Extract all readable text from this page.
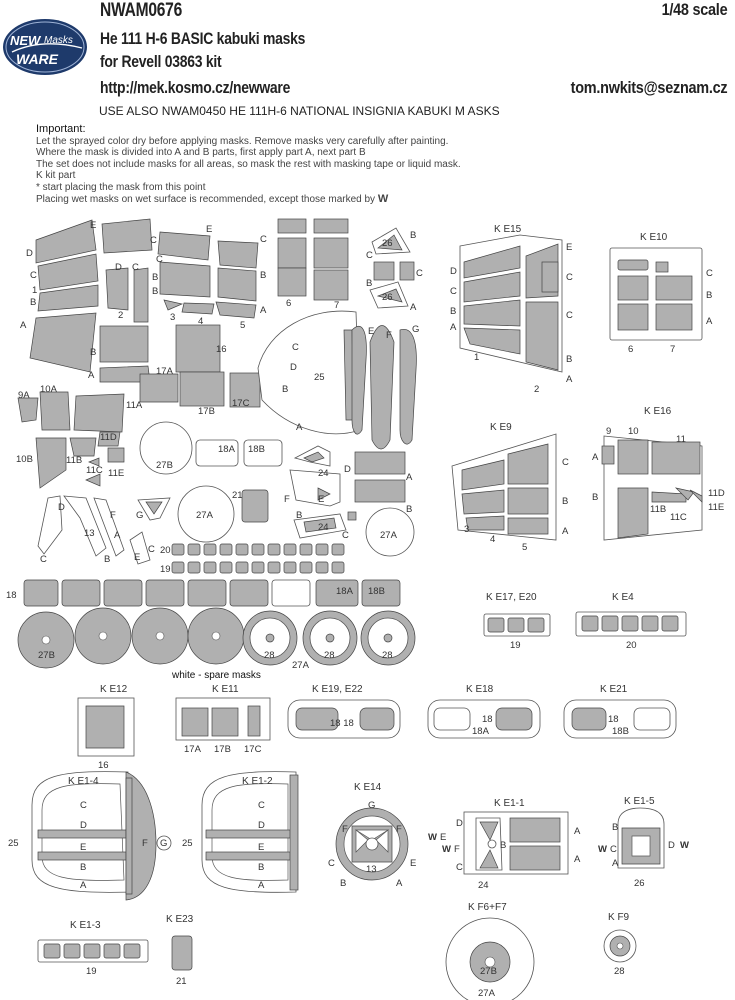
NEW Masks
WARE
NWAM0676	1/48 scale
He 111 H-6 BASIC kabuki masks
for Revell 03863 kit
http://mek.kosmo.cz/newware	tom.nwkits@seznam.cz
USE ALSO NWAM0450 HE 111H-6 NATIONAL INSIGNIA KABUKI M ASKS
Important:
Let the sprayed color dry before applying masks. Remove masks very carefully after painting.
Where the mask is divided into A and B parts, first apply part A, next part B
The set does not include masks for all areas, so mask the rest with masking tape or liquid mask.
K kit part
* start placing the mask from this point
Placing wet masks on wet surface is recommended, except those marked by W
K E15
K E10
K E9
K E16
K E17, E20	K E4
K E12	K E11	K E19, E22	K E18	K E21
K E1-4	K E1-2
K E14
K E1-1	K E1-5
K E1-3
K E23
K F6+F7
K F9
white - spare masks
E
D
C
1
B
A
C
D C
B
2
E
C
B
C
B
A
3 4	5
B
A
16
17A
17B
17C
9A
10A
11A
10B	11B
11C
11D
11E
27B
18A 18B
6	7
26
26
C
B
C
B
A
C
D
25
B
A
E F
G
D
A
B
24
24
F	E
B
C
27A
21
27A
D
13
F
A
C	B
G
C
E
20
19
18	18A 18B
27B	28
27A
28	28
E
C
C
B
A
D
C
B
A
1
2
C
B
A
6	7
C
B
A
3
4
5
9 10
11
A
B
11B
11C
11D
11E
19	20
16
17A 17B 17C
18 18	18
18A
18
18B
C
D
E
B
A
F G
25
C
D
E
B
A
25
G
F	F
C	E
13
B	A
W E
W F
D
C
B
A
A
24
B
W C	D W
A
26
19
21
27B
27A
28
